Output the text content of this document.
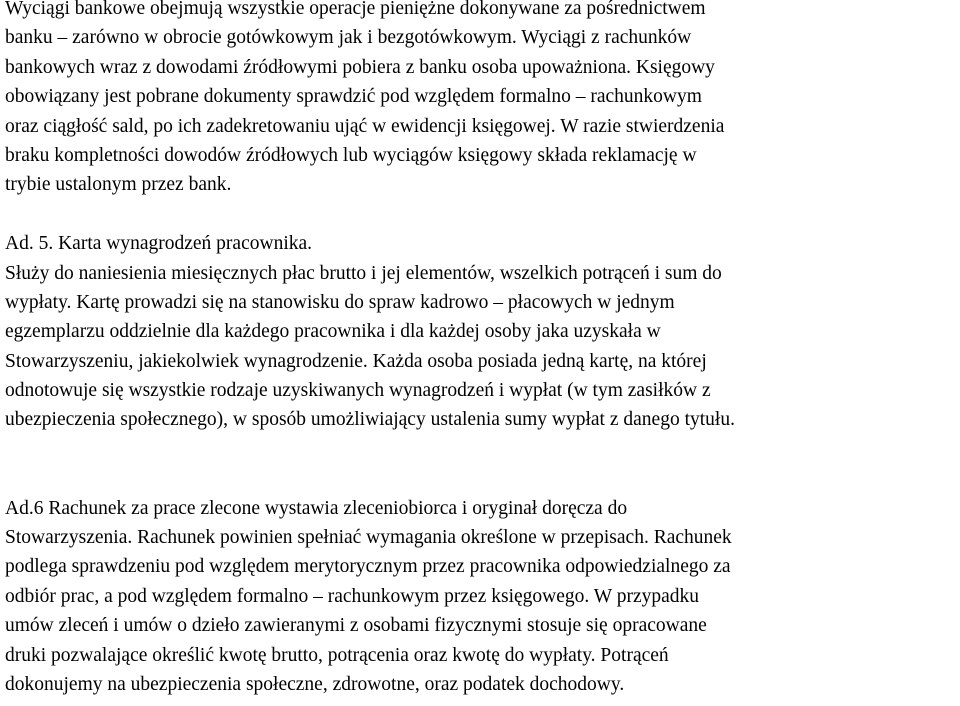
Wyciągi bankowe obejmują wszystkie operacje pieniężne dokonywane za pośrednictwem
banku – zarówno w obrocie gotówkowym jak i bezgotówkowym. Wyciągi z rachunków
bankowych wraz z dowodami źródłowymi pobiera z banku osoba upoważniona. Księgowy
obowiązany jest pobrane dokumenty sprawdzić pod względem formalno – rachunkowym
oraz ciągłość sald, po ich zadekretowaniu ująć w ewidencji księgowej. W razie stwierdzenia
braku kompletności dowodów źródłowych lub wyciągów księgowy składa reklamację w
trybie ustalonym przez bank.
Ad. 5. Karta wynagrodzeń pracownika.
Służy do naniesienia miesięcznych płac brutto i jej elementów, wszelkich potrąceń i sum do
wypłaty. Kartę prowadzi się na stanowisku do spraw kadrowo – płacowych w jednym
egzemplarzu oddzielnie dla każdego pracownika i dla każdej osoby jaka uzyskała w
Stowarzyszeniu, jakiekolwiek wynagrodzenie. Każda osoba posiada jedną kartę, na której
odnotowuje się wszystkie rodzaje uzyskiwanych wynagrodzeń i wypłat (w tym zasiłków z
ubezpieczenia społecznego), w sposób umożliwiający ustalenia sumy wypłat z danego tytułu.
Ad.6 Rachunek za prace zlecone wystawia zleceniobiorca i oryginał doręcza do
Stowarzyszenia. Rachunek powinien spełniać wymagania określone w przepisach. Rachunek
podlega sprawdzeniu pod względem merytorycznym przez pracownika odpowiedzialnego za
odbiór prac, a pod względem formalno – rachunkowym przez księgowego. W przypadku
umów zleceń i umów o dzieło zawieranymi z osobami fizycznymi stosuje się opracowane
druki pozwalające określić kwotę brutto, potrącenia oraz kwotę do wypłaty. Potrąceń
dokonujemy na ubezpieczenia społeczne, zdrowotne, oraz podatek dochodowy.
